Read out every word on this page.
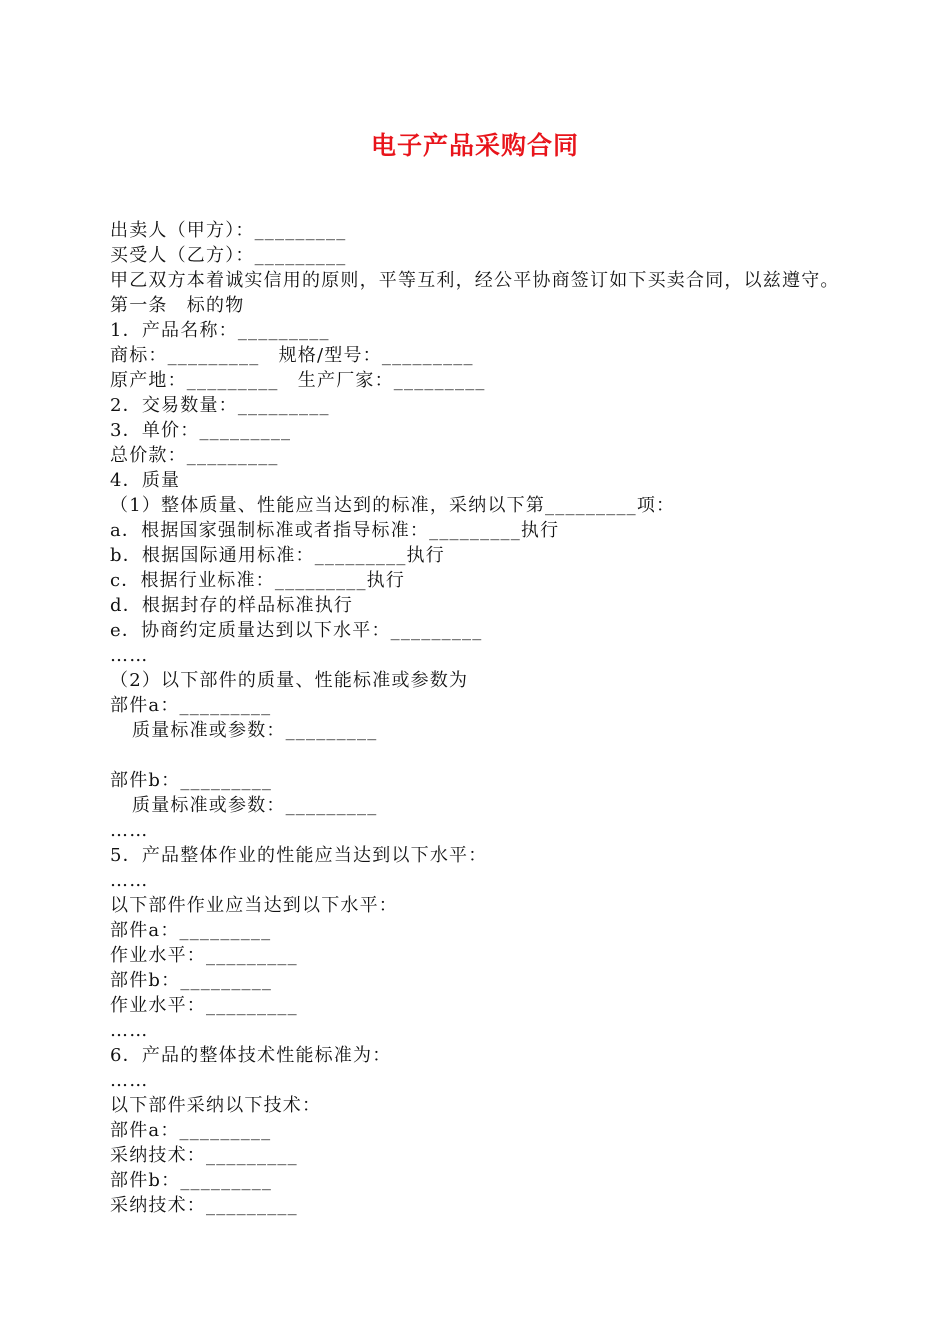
电子产品采购合同
出卖人（甲方）：_________
买受人（乙方）：_________
甲乙双方本着诚实信用的原则，平等互利，经公平协商签订如下买卖合同，以兹遵守。
第一条　标的物
1．产品名称：_________
商标：_________　规格/型号：_________
原产地：_________　生产厂家：_________
2．交易数量：_________
3．单价：_________
总价款：_________
4．质量
（1）整体质量、性能应当达到的标准，采纳以下第_________项：
a．根据国家强制标准或者指导标准：_________执行
b．根据国际通用标准：_________执行
c．根据行业标准：_________执行
d．根据封存的样品标准执行
e．协商约定质量达到以下水平：_________
……
（2）以下部件的质量、性能标准或参数为
部件a：_________
质量标准或参数：_________
部件b：_________
质量标准或参数：_________
……
5．产品整体作业的性能应当达到以下水平：
……
以下部件作业应当达到以下水平：
部件a：_________
作业水平：_________
部件b：_________
作业水平：_________
……
6．产品的整体技术性能标准为：
……
以下部件采纳以下技术：
部件a：_________
采纳技术：_________
部件b：_________
采纳技术：_________
